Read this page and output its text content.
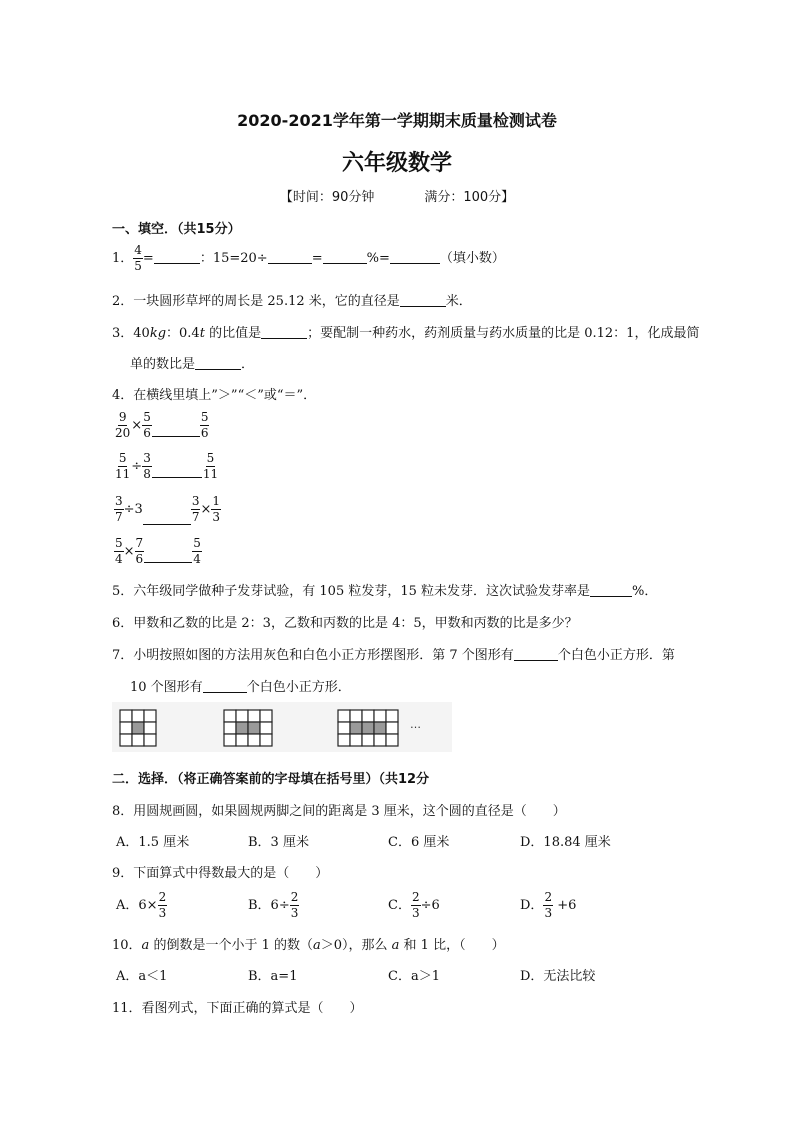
2020-2021学年第一学期期末质量检测试卷
六年级数学
【时间：90分钟	满分：100分】
一、填空．（共15分）
1． $\frac{4}{5}$ =	：15=20÷	=	%=	（填小数）
2．一块圆形草坪的周长是 25.12 米，它的直径是	米．
3．40kg：0.4t 的比值是	；要配制一种药水，药剂质量与药水质量的比是 0.12：1，化成最简
单的数比是	．
4．在横线里填上”＞”“＜”或“＝”．
$\frac{9}{20} \times \frac{5}{6}$	$\frac{5}{6}$
$\frac{5}{11} \div \frac{3}{8}$	$\frac{5}{11}$
$\frac{3}{7} \div 3$	$\frac{3}{7} \times \frac{1}{3}$
$\frac{5}{4} \times \frac{7}{6}$	$\frac{5}{4}$
5．六年级同学做种子发芽试验，有 105 粒发芽，15 粒未发芽．这次试验发芽率是	%．
6．甲数和乙数的比是 2：3，乙数和丙数的比是 4：5，甲数和丙数的比是多少？
7．小明按照如图的方法用灰色和白色小正方形摆图形．第 7 个图形有	个白色小正方形．第
10 个图形有	个白色小正方形．
…
二．选择．（将正确答案前的字母填在括号里）（共12分
8．用圆规画圆，如果圆规两脚之间的距离是 3 厘米，这个圆的直径是（　　）
A．1.5 厘米	B．3 厘米	C．6 厘米	D．18.84 厘米
9．下面算式中得数最大的是（　　）
A．$6\times \frac{2}{3}$	B．$6\div \frac{2}{3}$	C． $\frac{2}{3} \div 6$	D． $\frac{2}{3} +6$
10．a 的倒数是一个小于 1 的数（a＞0），那么 a 和 1 比，（　　）
A．a＜1	B．a=1	C．a＞1	D．无法比较
11．看图列式，下面正确的算式是（　　）
